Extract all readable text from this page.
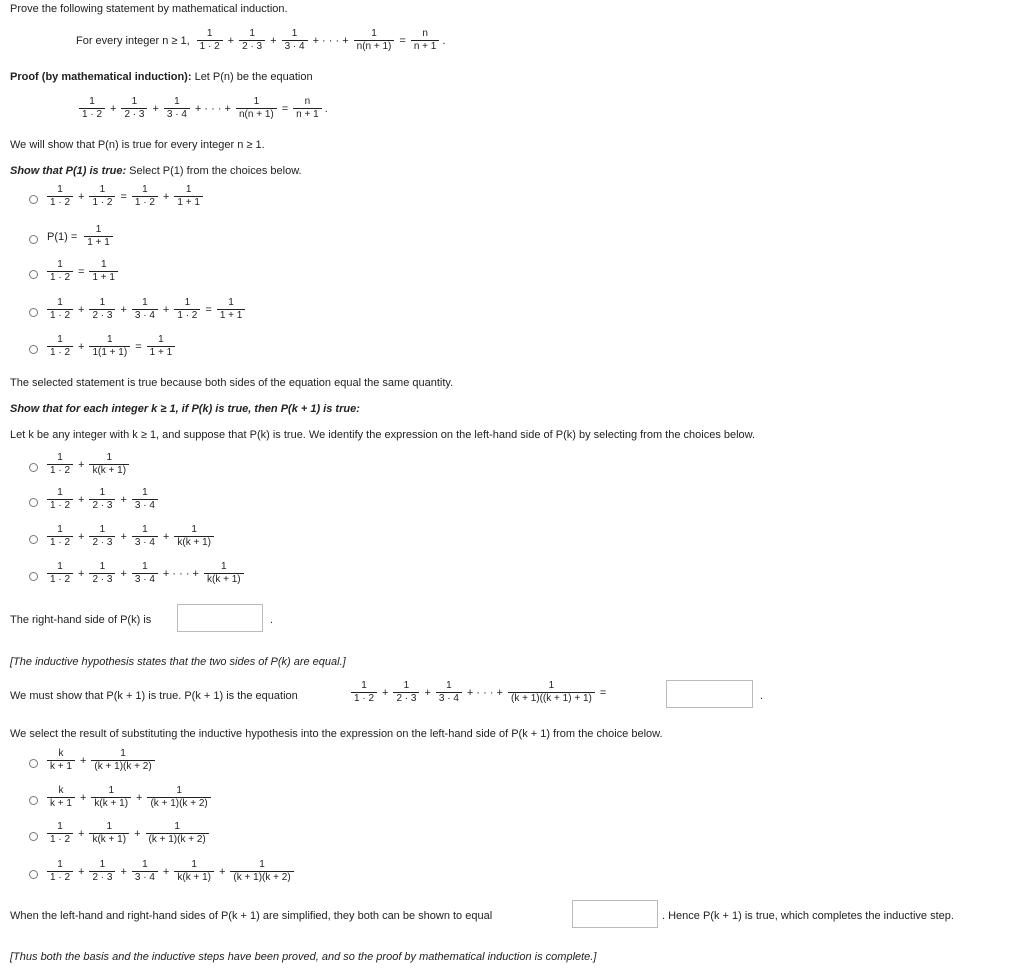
Prove the following statement by mathematical induction.
For every integer n ≥ 1,
1
$1 \cdot 2 + \frac{1}{2 \cdot 3} + \frac{1}{3 \cdot 4}$ + · · · + $\frac{1}{n(n + 1)} = \frac{n}{n + 1}$ .
Proof (by mathematical induction): Let P(n) be the equation
1
$1 \cdot 2 + \frac{1}{2 \cdot 3} + \frac{1}{3 \cdot 4}$ + · · · + $\frac{1}{n(n + 1)} = \frac{n}{n + 1}$ .
We will show that P(n) is true for every integer n ≥ 1.
Show that P(1) is true: Select P(1) from the choices below.
1
$1 \cdot 2 + \frac{1}{1 \cdot 2} = \frac{1}{1 \cdot 2} + \frac{1}{1 + 1}$
P(1) =
1
1 + 1
$\frac{1}{1 \cdot 2} = \frac{1}{1 + 1}$
1
$1 \cdot 2 + \frac{1}{2 \cdot 3} + \frac{1}{3 \cdot 4} + \frac{1}{1 \cdot 2} = \frac{1}{1 + 1}$
1
$1 \cdot 2 + \frac{1}{1(1 + 1)} = \frac{1}{1 + 1}$
The selected statement is true because both sides of the equation equal the same quantity.
Show that for each integer k ≥ 1, if P(k) is true, then P(k + 1) is true:
Let k be any integer with k ≥ 1, and suppose that P(k) is true. We identify the expression on the left-hand side of P(k) by selecting from the choices below.
1
$1 \cdot 2 + \frac{1}{k(k + 1)}$
1
$1 \cdot 2 + \frac{1}{2 \cdot 3} + \frac{1}{3 \cdot 4}$
1
$1 \cdot 2 + \frac{1}{2 \cdot 3} + \frac{1}{3 \cdot 4} + \frac{1}{k(k + 1)}$
1
$1 \cdot 2 + \frac{1}{2 \cdot 3} + \frac{1}{3 \cdot 4}$ + · · · + $\frac{1}{k(k + 1)}$
The right-hand side of P(k) is	.
[The inductive hypothesis states that the two sides of P(k) are equal.]
We must show that P(k + 1) is true. P(k + 1) is the equation
1
$1 \cdot 2 + \frac{1}{2 \cdot 3} + \frac{1}{3 \cdot 4}$ + · · · + $\frac{1}{(k + 1)((k + 1) + 1)}$ =	.
We select the result of substituting the inductive hypothesis into the expression on the left-hand side of P(k + 1) from the choice below.
k
$k + 1 + \frac{1}{(k + 1)(k + 2)}$
k
$k + 1 + \frac{1}{k(k + 1)} + \frac{1}{(k + 1)(k + 2)}$
1
$1 \cdot 2 + \frac{1}{k(k + 1)} + \frac{1}{(k + 1)(k + 2)}$
1
$1 \cdot 2 + \frac{1}{2 \cdot 3} + \frac{1}{3 \cdot 4} + \frac{1}{k(k + 1)} + \frac{1}{(k + 1)(k + 2)}$
When the left-hand and right-hand sides of P(k + 1) are simplified, they both can be shown to equal	. Hence P(k + 1) is true, which completes the inductive step.
[Thus both the basis and the inductive steps have been proved, and so the proof by mathematical induction is complete.]
